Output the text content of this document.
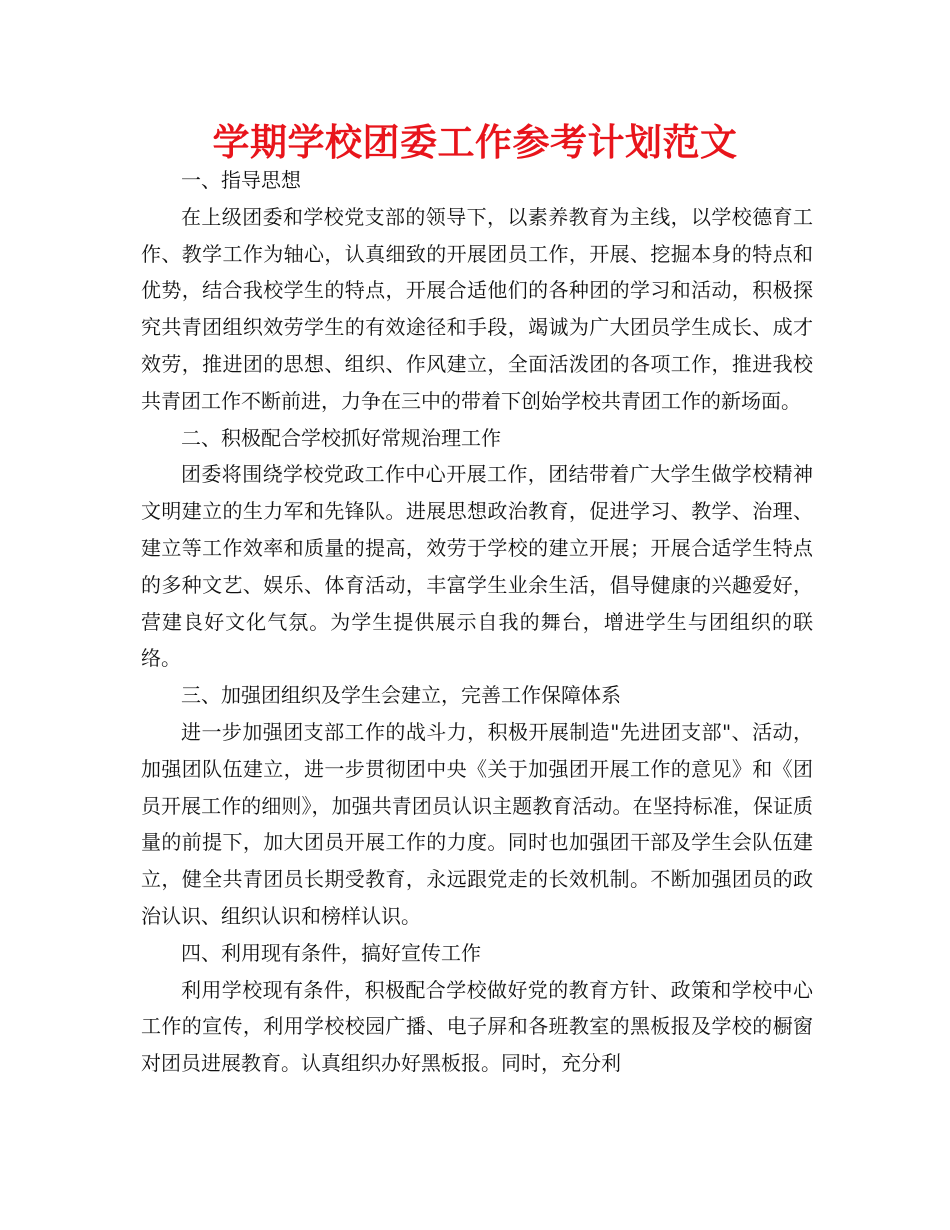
学期学校团委工作参考计划范文

一、指导思想

在上级团委和学校党支部的领导下，以素养教育为主线，以学校德育工作、教学工作为轴心，认真细致的开展团员工作，开展、挖掘本身的特点和优势，结合我校学生的特点，开展合适他们的各种团的学习和活动，积极探究共青团组织效劳学生的有效途径和手段，竭诚为广大团员学生成长、成才效劳，推进团的思想、组织、作风建立，全面活泼团的各项工作，推进我校共青团工作不断前进，力争在三中的带着下创始学校共青团工作的新场面。

二、积极配合学校抓好常规治理工作

团委将围绕学校党政工作中心开展工作，团结带着广大学生做学校精神文明建立的生力军和先锋队。进展思想政治教育，促进学习、教学、治理、建立等工作效率和质量的提高，效劳于学校的建立开展；开展合适学生特点的多种文艺、娱乐、体育活动，丰富学生业余生活，倡导健康的兴趣爱好，营建良好文化气氛。为学生提供展示自我的舞台，增进学生与团组织的联络。

三、加强团组织及学生会建立，完善工作保障体系

进一步加强团支部工作的战斗力，积极开展制造"先进团支部"、活动，加强团队伍建立，进一步贯彻团中央《关于加强团开展工作的意见》和《团员开展工作的细则》，加强共青团员认识主题教育活动。在坚持标准，保证质量的前提下，加大团员开展工作的力度。同时也加强团干部及学生会队伍建立，健全共青团员长期受教育，永远跟党走的长效机制。不断加强团员的政治认识、组织认识和榜样认识。

四、利用现有条件，搞好宣传工作

利用学校现有条件，积极配合学校做好党的教育方针、政策和学校中心工作的宣传，利用学校校园广播、电子屏和各班教室的黑板报及学校的橱窗对团员进展教育。认真组织办好黑板报。同时，充分利
